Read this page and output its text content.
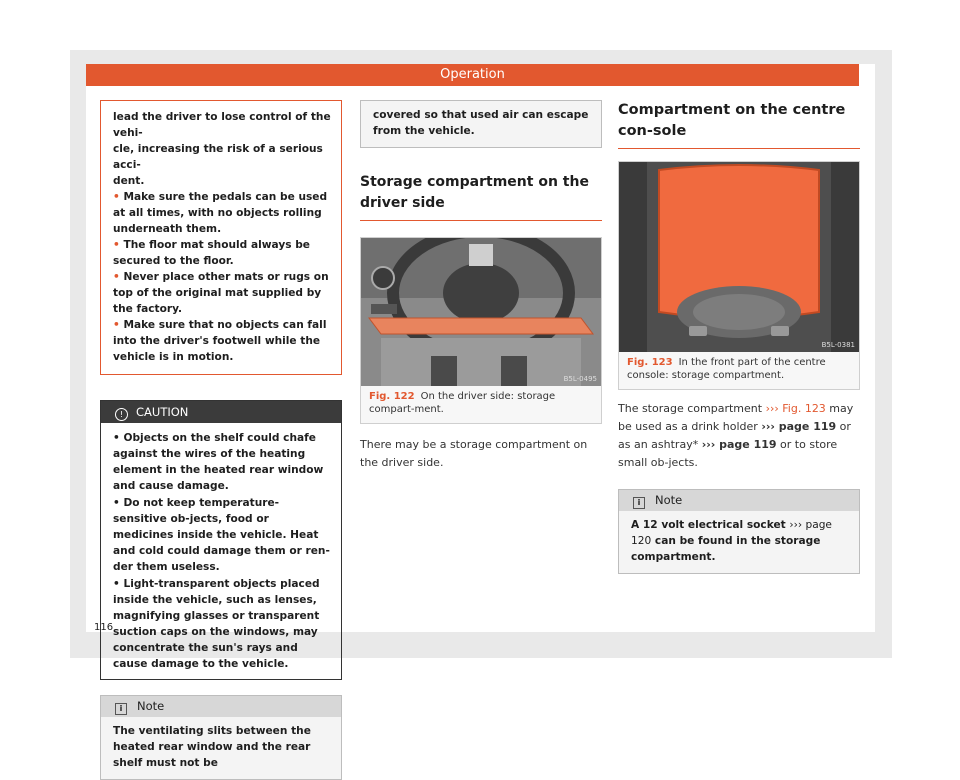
Operation

lead the driver to lose control of the vehi-

cle, increasing the risk of a serious acci-

dent.

• Make sure the pedals can be used at all times, with no objects rolling underneath them.

• The floor mat should always be secured to the floor.

• Never place other mats or rugs on top of the original mat supplied by the factory.

• Make sure that no objects can fall into the driver's footwell while the vehicle is in motion.

! CAUTION

• Objects on the shelf could chafe against the wires of the heating element in the heated rear window and cause damage.

• Do not keep temperature-sensitive ob-jects, food or medicines inside the vehicle. Heat and cold could damage them or ren-der them useless.

• Light-transparent objects placed inside the vehicle, such as lenses, magnifying glasses or transparent suction caps on the windows, may concentrate the sun's rays and cause damage to the vehicle.

i Note
The ventilating slits between the heated rear window and the rear shelf must not be
covered so that used air can escape from the vehicle.
Storage compartment on the driver side
B5L-0495
Fig. 122 On the driver side: storage compart-ment.
There may be a storage compartment on the driver side.
Compartment on the centre con-sole
B5L-0381
Fig. 123 In the front part of the centre console: storage compartment.
The storage compartment ››› Fig. 123 may be used as a drink holder ››› page 119 or as an ashtray* ››› page 119 or to store small ob-jects.
i Note
A 12 volt electrical socket ››› page 120 can be found in the storage compartment.
116
